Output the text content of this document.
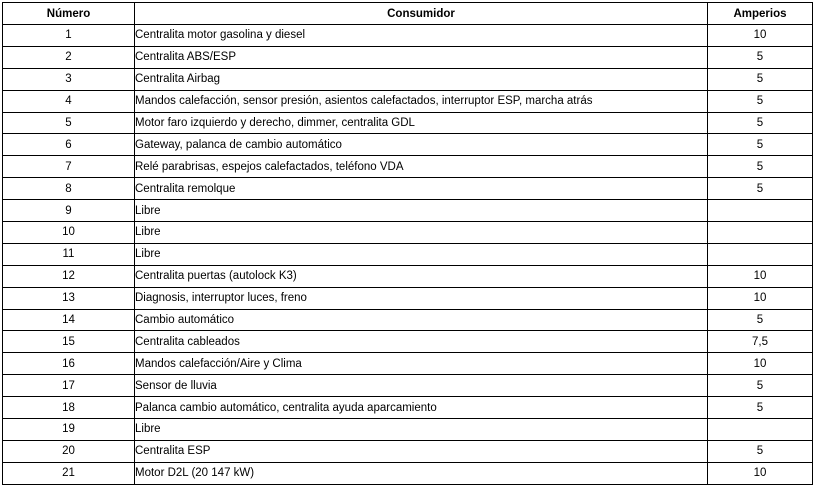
Número	Consumidor	Amperios
1	Centralita motor gasolina y diesel	10
2	Centralita ABS/ESP	5
3	Centralita Airbag	5
4	Mandos calefacción, sensor presión, asientos calefactados, interruptor ESP, marcha atrás	5
5	Motor faro izquierdo y derecho, dimmer, centralita GDL	5
6	Gateway, palanca de cambio automático	5
7	Relé parabrisas, espejos calefactados, teléfono VDA	5
8	Centralita remolque	5
9	Libre	
10	Libre	
11	Libre	
12	Centralita puertas (autolock K3)	10
13	Diagnosis, interruptor luces, freno	10
14	Cambio automático	5
15	Centralita cableados	7,5
16	Mandos calefacción/Aire y Clima	10
17	Sensor de lluvia	5
18	Palanca cambio automático, centralita ayuda aparcamiento	5
19	Libre	
20	Centralita ESP	5
21	Motor D2L (20 147 kW)	10
